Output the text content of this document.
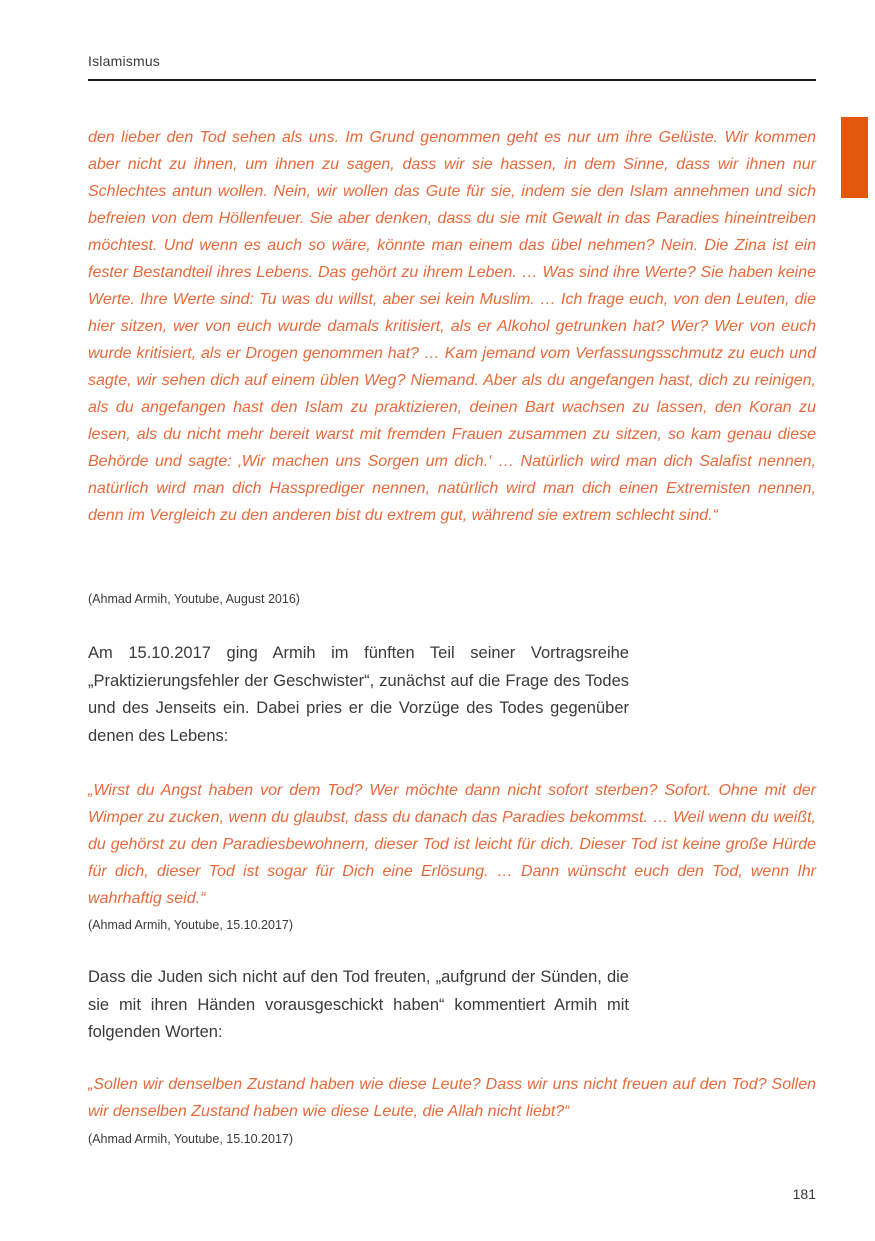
Islamismus

den lieber den Tod sehen als uns. Im Grund genommen geht es nur um ihre Gelüste. Wir kommen aber nicht zu ihnen, um ihnen zu sagen, dass wir sie hassen, in dem Sinne, dass wir ihnen nur Schlechtes antun wollen. Nein, wir wollen das Gute für sie, indem sie den Islam annehmen und sich befreien von dem Höllenfeuer. Sie aber denken, dass du sie mit Gewalt in das Paradies hineintreiben möchtest. Und wenn es auch so wäre, könnte man einem das übel nehmen? Nein. Die Zina ist ein fester Bestandteil ihres Lebens. Das gehört zu ihrem Leben. … Was sind ihre Werte? Sie haben keine Werte. Ihre Werte sind: Tu was du willst, aber sei kein Muslim. … Ich frage euch, von den Leuten, die hier sitzen, wer von euch wurde damals kritisiert, als er Alkohol getrunken hat? Wer? Wer von euch wurde kritisiert, als er Drogen genommen hat? … Kam jemand vom Verfassungsschmutz zu euch und sagte, wir sehen dich auf einem üblen Weg? Niemand. Aber als du angefangen hast, dich zu reinigen, als du angefangen hast den Islam zu praktizieren, deinen Bart wachsen zu lassen, den Koran zu lesen, als du nicht mehr bereit warst mit fremden Frauen zusammen zu sitzen, so kam genau diese Behörde und sagte: ‚Wir machen uns Sorgen um dich.‘ … Natürlich wird man dich Salafist nennen, natürlich wird man dich Hassprediger nennen, natürlich wird man dich einen Extremisten nennen, denn im Vergleich zu den anderen bist du extrem gut, während sie extrem schlecht sind.“

(Ahmad Armih, Youtube, August 2016)

Am 15.10.2017 ging Armih im fünften Teil seiner Vortragsreihe „Praktizierungsfehler der Geschwister“, zunächst auf die Frage des Todes und des Jenseits ein. Dabei pries er die Vorzüge des Todes gegenüber denen des Lebens:

„Wirst du Angst haben vor dem Tod? Wer möchte dann nicht sofort sterben? Sofort. Ohne mit der Wimper zu zucken, wenn du glaubst, dass du danach das Paradies bekommst. … Weil wenn du weißt, du gehörst zu den Paradiesbewohnern, dieser Tod ist leicht für dich. Dieser Tod ist keine große Hürde für dich, dieser Tod ist sogar für Dich eine Erlösung. … Dann wünscht euch den Tod, wenn Ihr wahrhaftig seid.“

(Ahmad Armih, Youtube, 15.10.2017)

Dass die Juden sich nicht auf den Tod freuten, „aufgrund der Sünden, die sie mit ihren Händen vorausgeschickt haben“ kommentiert Armih mit folgenden Worten:

„Sollen wir denselben Zustand haben wie diese Leute? Dass wir uns nicht freuen auf den Tod? Sollen wir denselben Zustand haben wie diese Leute, die Allah nicht liebt?“

(Ahmad Armih, Youtube, 15.10.2017)

181
